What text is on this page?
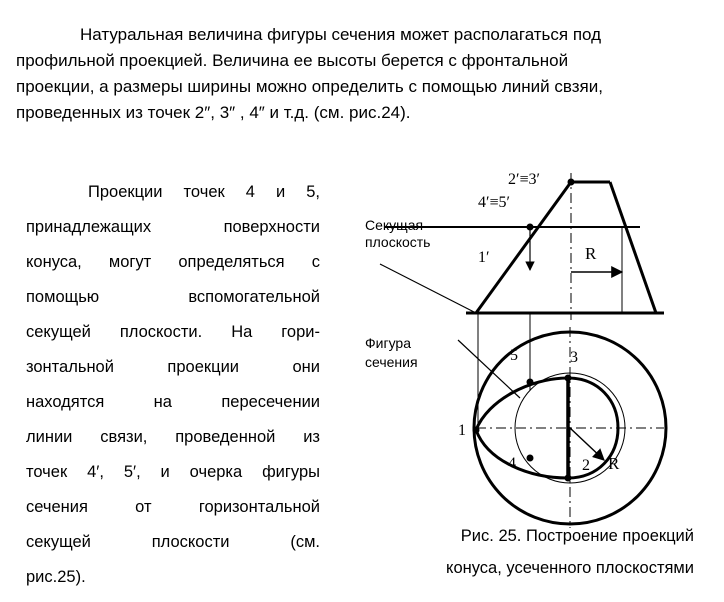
Натуральная величина фигуры сечения может располагаться под

профильной проекцией. Величина ее высоты берется с фронтальной

проекции, а размеры ширины можно определить с помощью линий свзяи,

проведенных из точек 2″, 3″ , 4″ и т.д. (см. рис.24).

Проекции точек 4 и 5,
принадлежащих поверхности
конуса, могут определяться с
помощью вспомогательной
секущей плоскости. На гори-
зонтальной проекции они
находятся на пересечении
линии связи, проведенной из
точек 4′, 5′, и очерка фигуры
сечения от горизонтальной
секущей плоскости (см.
рис.25).
2′≡3′
4′≡5′
1′	R
Секущая
плоскость
Фигура
сечения
1
2
3
4
5
R
Рис. 25. Построение проекций
конуса, усеченного плоскостями
